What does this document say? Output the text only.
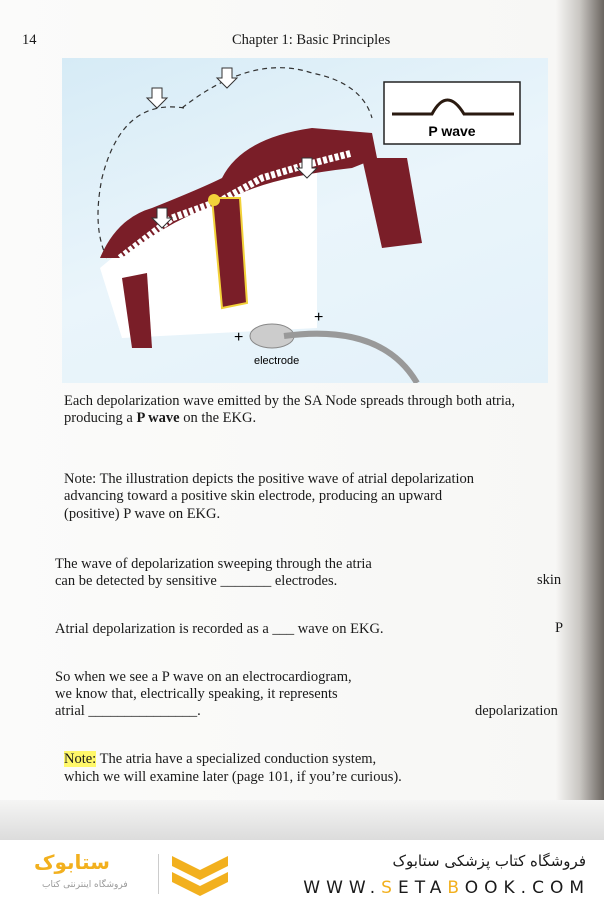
14	Chapter 1: Basic Principles
P wave
+
+
electrode
Each depolarization wave emitted by the SA Node spreads through both atria,
producing a P wave on the EKG.
Note: The illustration depicts the positive wave of atrial depolarization
advancing toward a positive skin electrode, producing an upward
(positive) P wave on EKG.
The wave of depolarization sweeping through the atria
can be detected by sensitive _______ electrodes.	skin
Atrial depolarization is recorded as a ___ wave on EKG.	P
So when we see a P wave on an electrocardiogram,
we know that, electrically speaking, it represents
atrial _______________.	depolarization
Note: The atria have a specialized conduction system,
which we will examine later (page 101, if you’re curious).
ستابوک
فروشگاه اینترنتی کتاب
فروشگاه کتاب پزشکی ستابوک
WWW.SETABOOK.COM
